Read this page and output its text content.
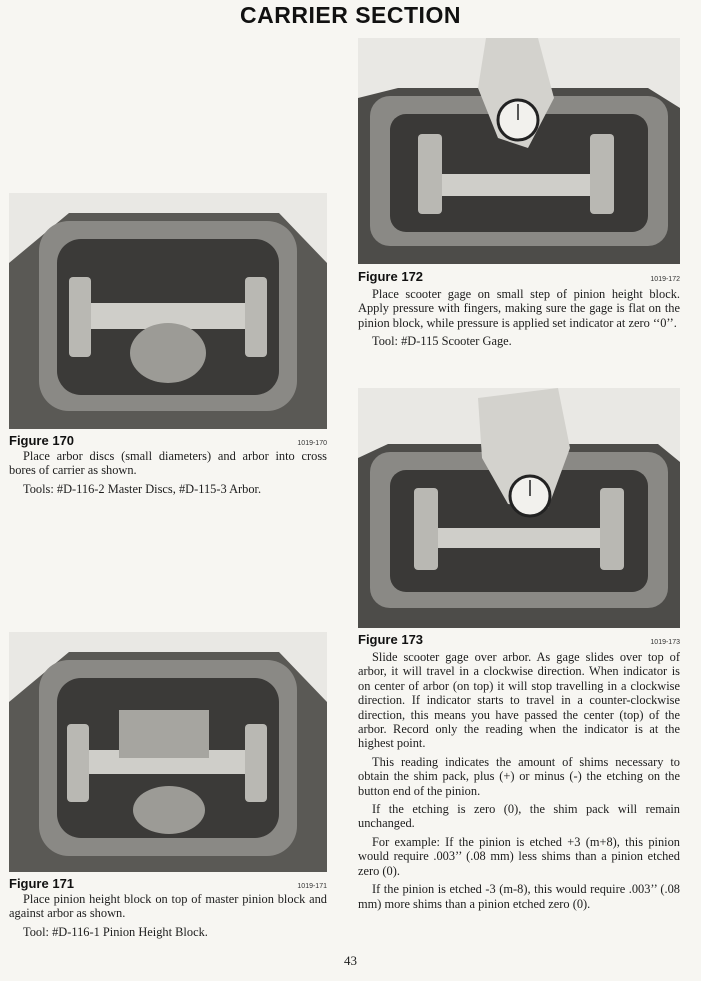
CARRIER SECTION
Figure 170	1019-170

Place arbor discs (small diameters) and arbor into cross bores of carrier as shown.

Tools: #D-116-2 Master Discs, #D-115-3 Arbor.

Figure 171	1019-171

Place pinion height block on top of master pinion block and against arbor as shown.

Tool: #D-116-1 Pinion Height Block.

Figure 172	1019-172

Place scooter gage on small step of pinion height block. Apply pressure with fingers, making sure the gage is flat on the pinion block, while pressure is applied set indicator at zero ‘‘0’’.

Tool: #D-115 Scooter Gage.

Figure 173	1019-173

Slide scooter gage over arbor. As gage slides over top of arbor, it will travel in a clockwise direction. When indicator is on center of arbor (on top) it will stop travelling in a clockwise direction. If indicator starts to travel in a counter-clockwise direction, this means you have passed the center (top) of the arbor. Record only the reading when the indicator is at the highest point.

This reading indicates the amount of shims necessary to obtain the shim pack, plus (+) or minus (-) the etching on the button end of the pinion.

If the etching is zero (0), the shim pack will remain unchanged.

For example: If the pinion is etched +3 (m+8), this pinion would require .003’’ (.08 mm) less shims than a pinion etched zero (0).

If the pinion is etched -3 (m-8), this would require .003’’ (.08 mm) more shims than a pinion etched zero (0).

43
